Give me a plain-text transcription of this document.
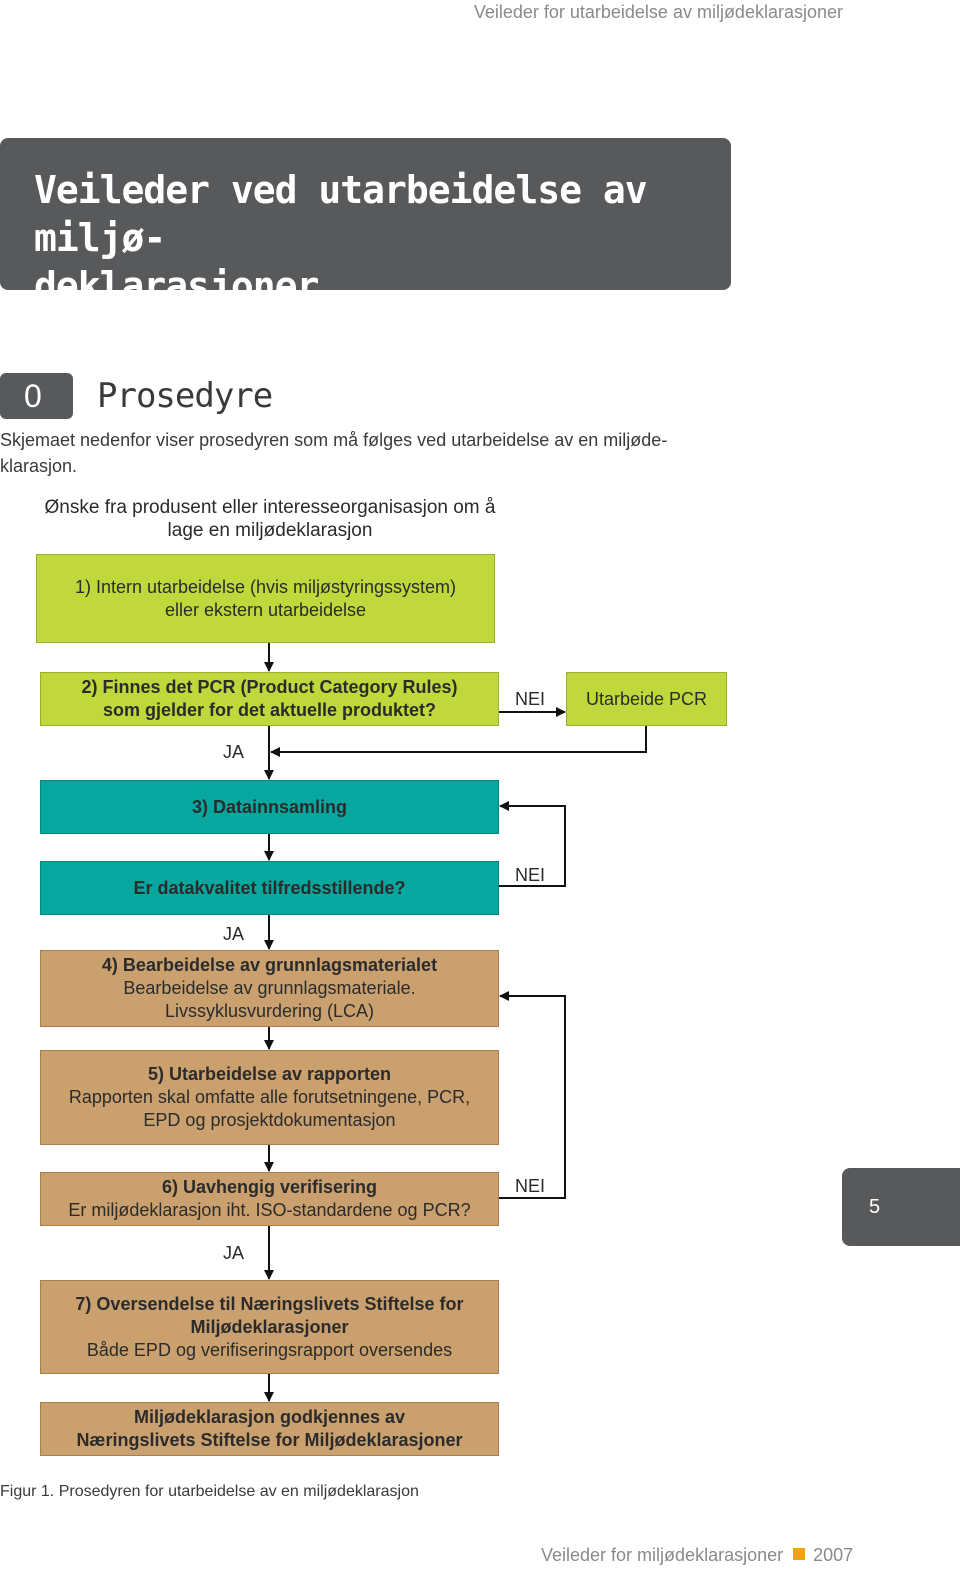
Veileder for utarbeidelse av miljødeklarasjoner
Veileder ved utarbeidelse av miljø-
deklarasjoner
0	Prosedyre
Skjemaet nedenfor viser prosedyren som må følges ved utarbeidelse av en miljøde-
klarasjon.
Ønske fra produsent eller interesseorganisasjon om å
lage en miljødeklarasjon
1) Intern utarbeidelse (hvis miljøstyringssystem)
eller ekstern utarbeidelse
2) Finnes det PCR (Product Category Rules)
som gjelder for det aktuelle produktet?
Utarbeide PCR
NEI
JA
3) Datainnsamling
Er datakvalitet tilfredsstillende?
NEI
JA
4) Bearbeidelse av grunnlagsmaterialet
Bearbeidelse av grunnlagsmateriale.
Livssyklusvurdering (LCA)
5) Utarbeidelse av rapporten
Rapporten skal omfatte alle forutsetningene, PCR,
EPD og prosjektdokumentasjon
6) Uavhengig verifisering
Er miljødeklarasjon iht. ISO-standardene og PCR?
NEI
JA
7) Oversendelse til Næringslivets Stiftelse for
Miljødeklarasjoner
Både EPD og verifiseringsrapport oversendes
Miljødeklarasjon godkjennes av
Næringslivets Stiftelse for Miljødeklarasjoner
Figur 1. Prosedyren for utarbeidelse av en miljødeklarasjon
5
Veileder for miljødeklarasjoner 2007
